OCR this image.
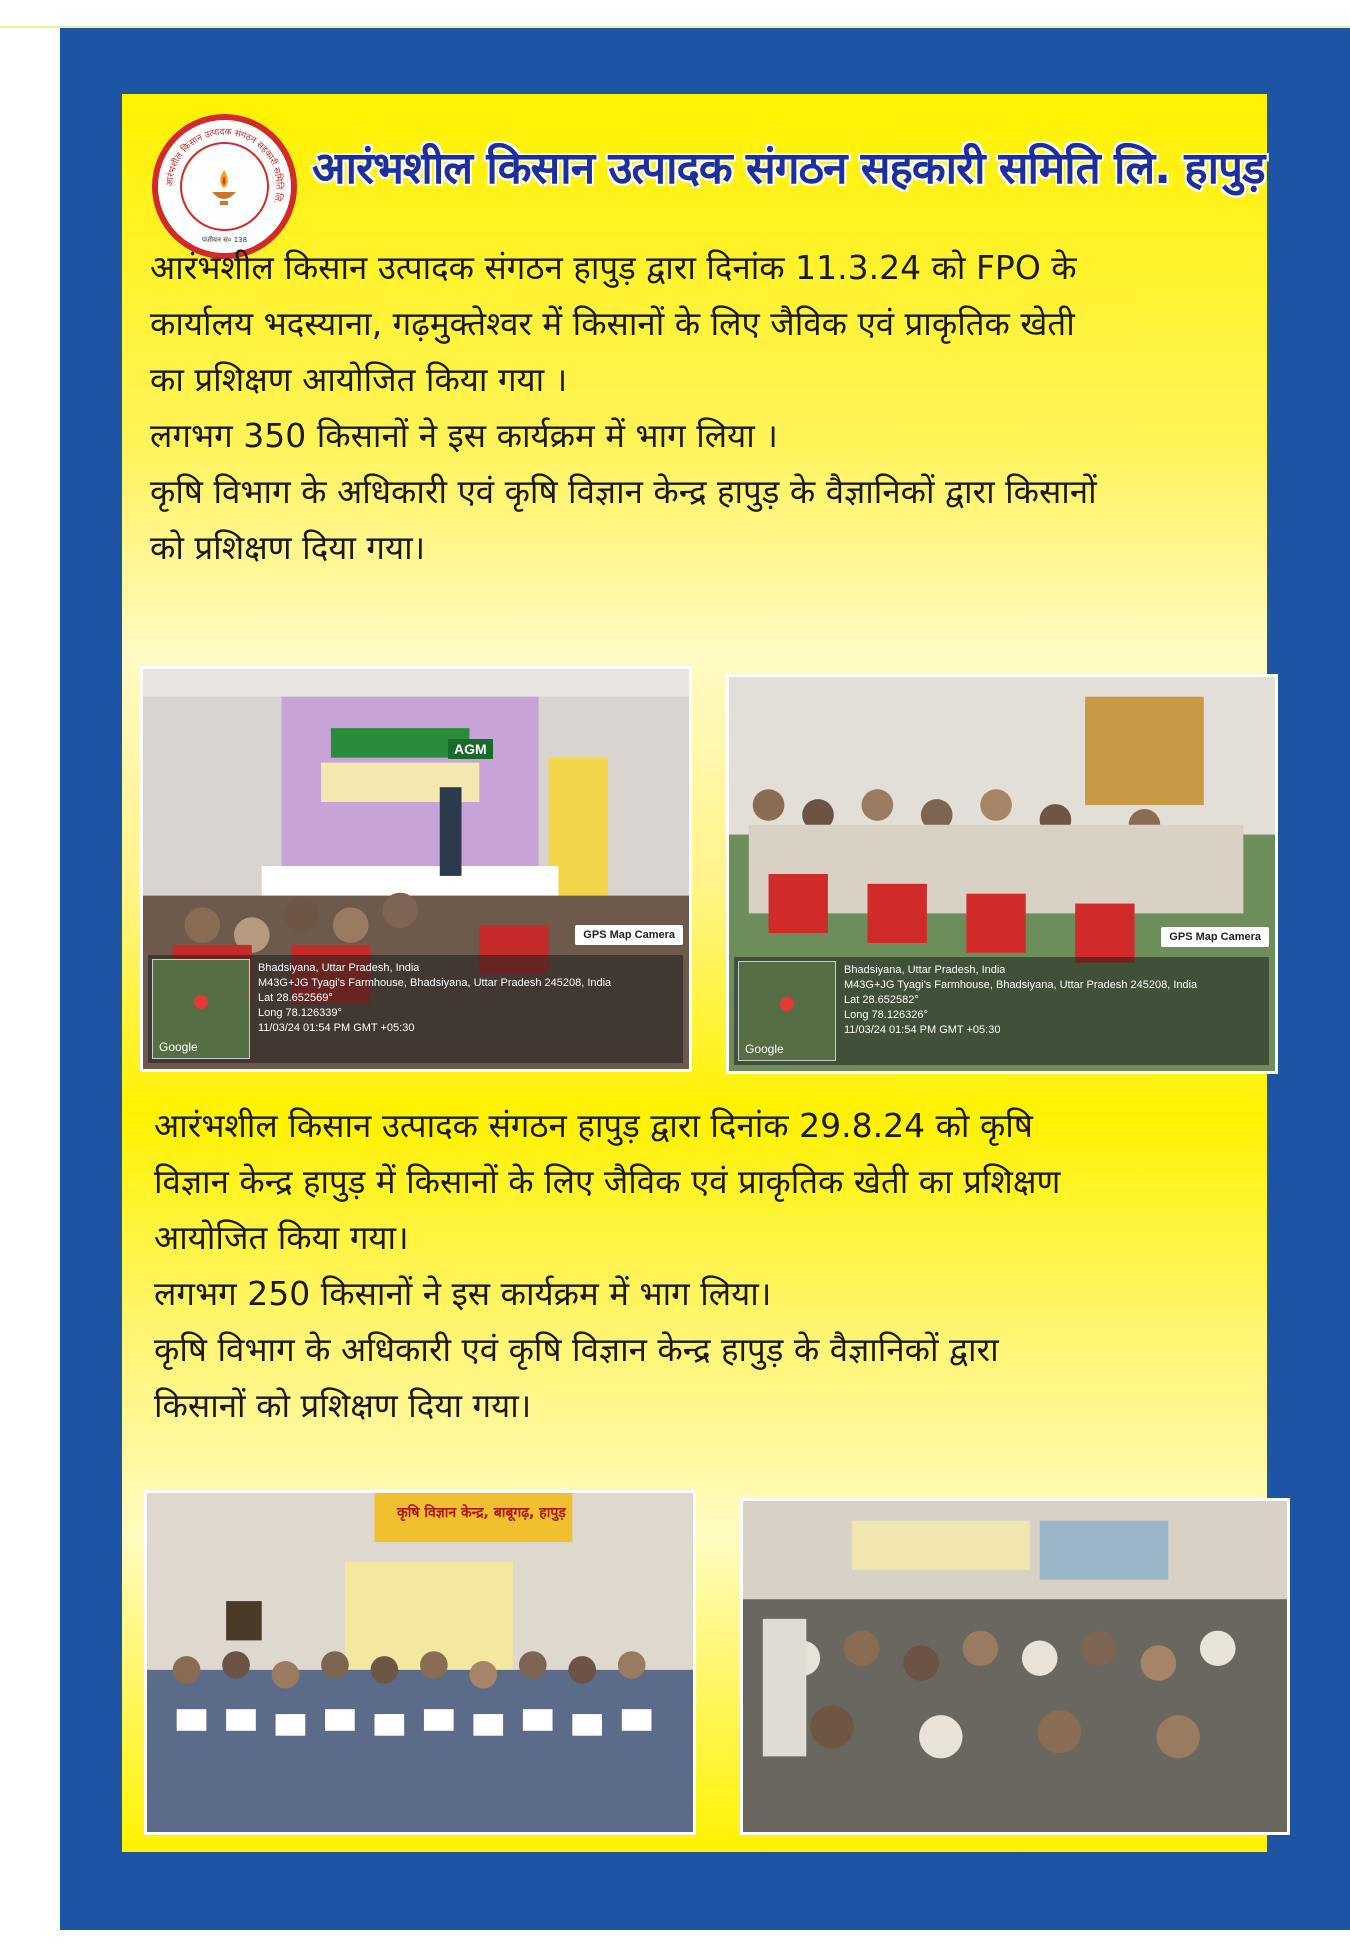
आरंभशील किसान उत्पादक संगठन सहकारी समिति लि.
पंजीयन सं० 138
आरंभशील किसान उत्पादक संगठन सहकारी समिति लि. हापुड़

आरंभशील किसान उत्पादक संगठन हापुड़ द्वारा दिनांक 11.3.24 को FPO के

कार्यालय भदस्याना, गढ़मुक्तेश्वर में किसानों के लिए जैविक एवं प्राकृतिक खेती

का प्रशिक्षण आयोजित किया गया ।

लगभग 350 किसानों ने इस कार्यक्रम में भाग लिया ।

कृषि विभाग के अधिकारी एवं कृषि विज्ञान केन्द्र हापुड़ के वैज्ञानिकों द्वारा किसानों

को प्रशिक्षण दिया गया।

AGM
GPS Map Camera
Google
Bhadsiyana, Uttar Pradesh, India
M43G+JG Tyagi's Farmhouse, Bhadsiyana, Uttar Pradesh 245208, India
Lat 28.652569°
Long 78.126339°
11/03/24 01:54 PM GMT +05:30
GPS Map Camera
Google
Bhadsiyana, Uttar Pradesh, India
M43G+JG Tyagi's Farmhouse, Bhadsiyana, Uttar Pradesh 245208, India
Lat 28.652582°
Long 78.126326°
11/03/24 01:54 PM GMT +05:30

आरंभशील किसान उत्पादक संगठन हापुड़ द्वारा दिनांक 29.8.24 को कृषि

विज्ञान केन्द्र हापुड़ में किसानों के लिए जैविक एवं प्राकृतिक खेती का प्रशिक्षण

आयोजित किया गया।

लगभग 250 किसानों ने इस कार्यक्रम में भाग लिया।

कृषि विभाग के अधिकारी एवं कृषि विज्ञान केन्द्र हापुड़ के वैज्ञानिकों द्वारा

किसानों को प्रशिक्षण दिया गया।

कृषि विज्ञान केन्द्र, बाबूगढ़, हापुड़
